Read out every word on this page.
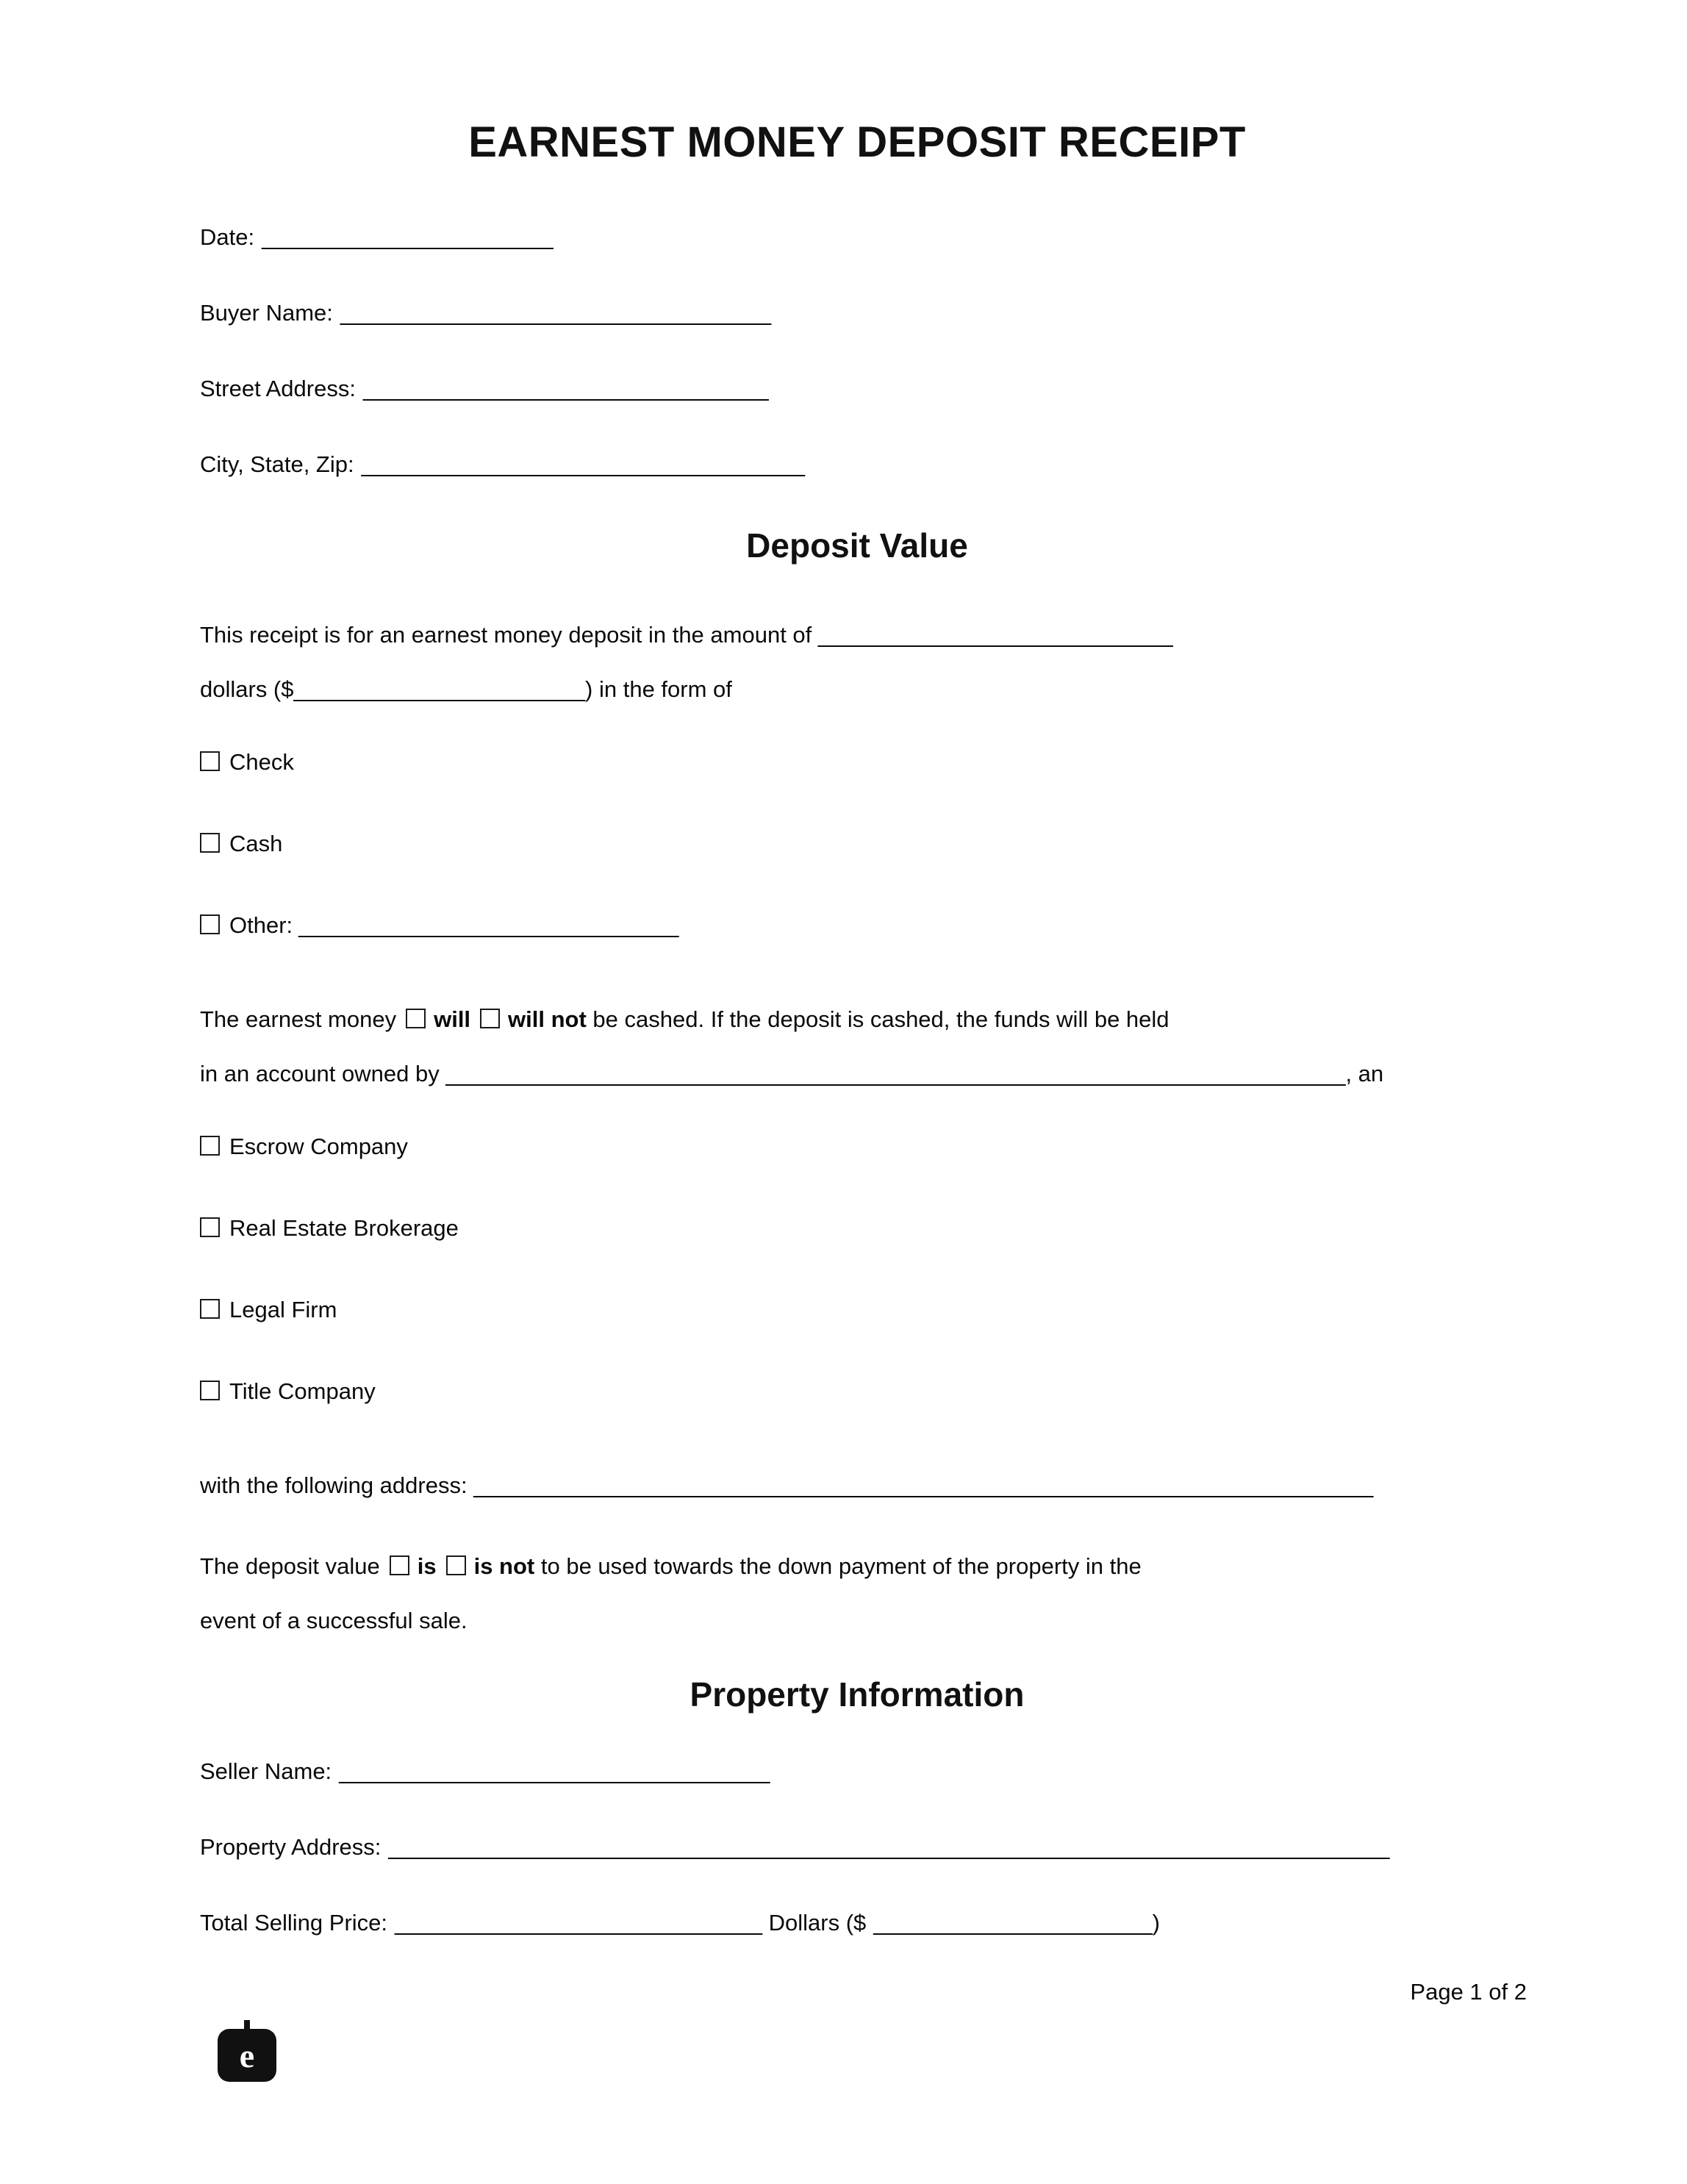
EARNEST MONEY DEPOSIT RECEIPT
Date: _______________________
Buyer Name: __________________________________
Street Address: ________________________________
City, State, Zip: ___________________________________
Deposit Value

This receipt is for an earnest money deposit in the amount of ____________________________
dollars ($_______________________) in the form of

Check
Cash
Other: ______________________________

The earnest money will will not be cashed. If the deposit is cashed, the funds will be held
in an account owned by _______________________________________________________________________, an

Escrow Company
Real Estate Brokerage
Legal Firm
Title Company

with the following address: _______________________________________________________________________

The deposit value is is not to be used towards the down payment of the property in the
event of a successful sale.

Property Information
Seller Name: __________________________________
Property Address: _______________________________________________________________________________
Total Selling Price: _____________________________ Dollars ($ ______________________)
Page 1 of 2
e
